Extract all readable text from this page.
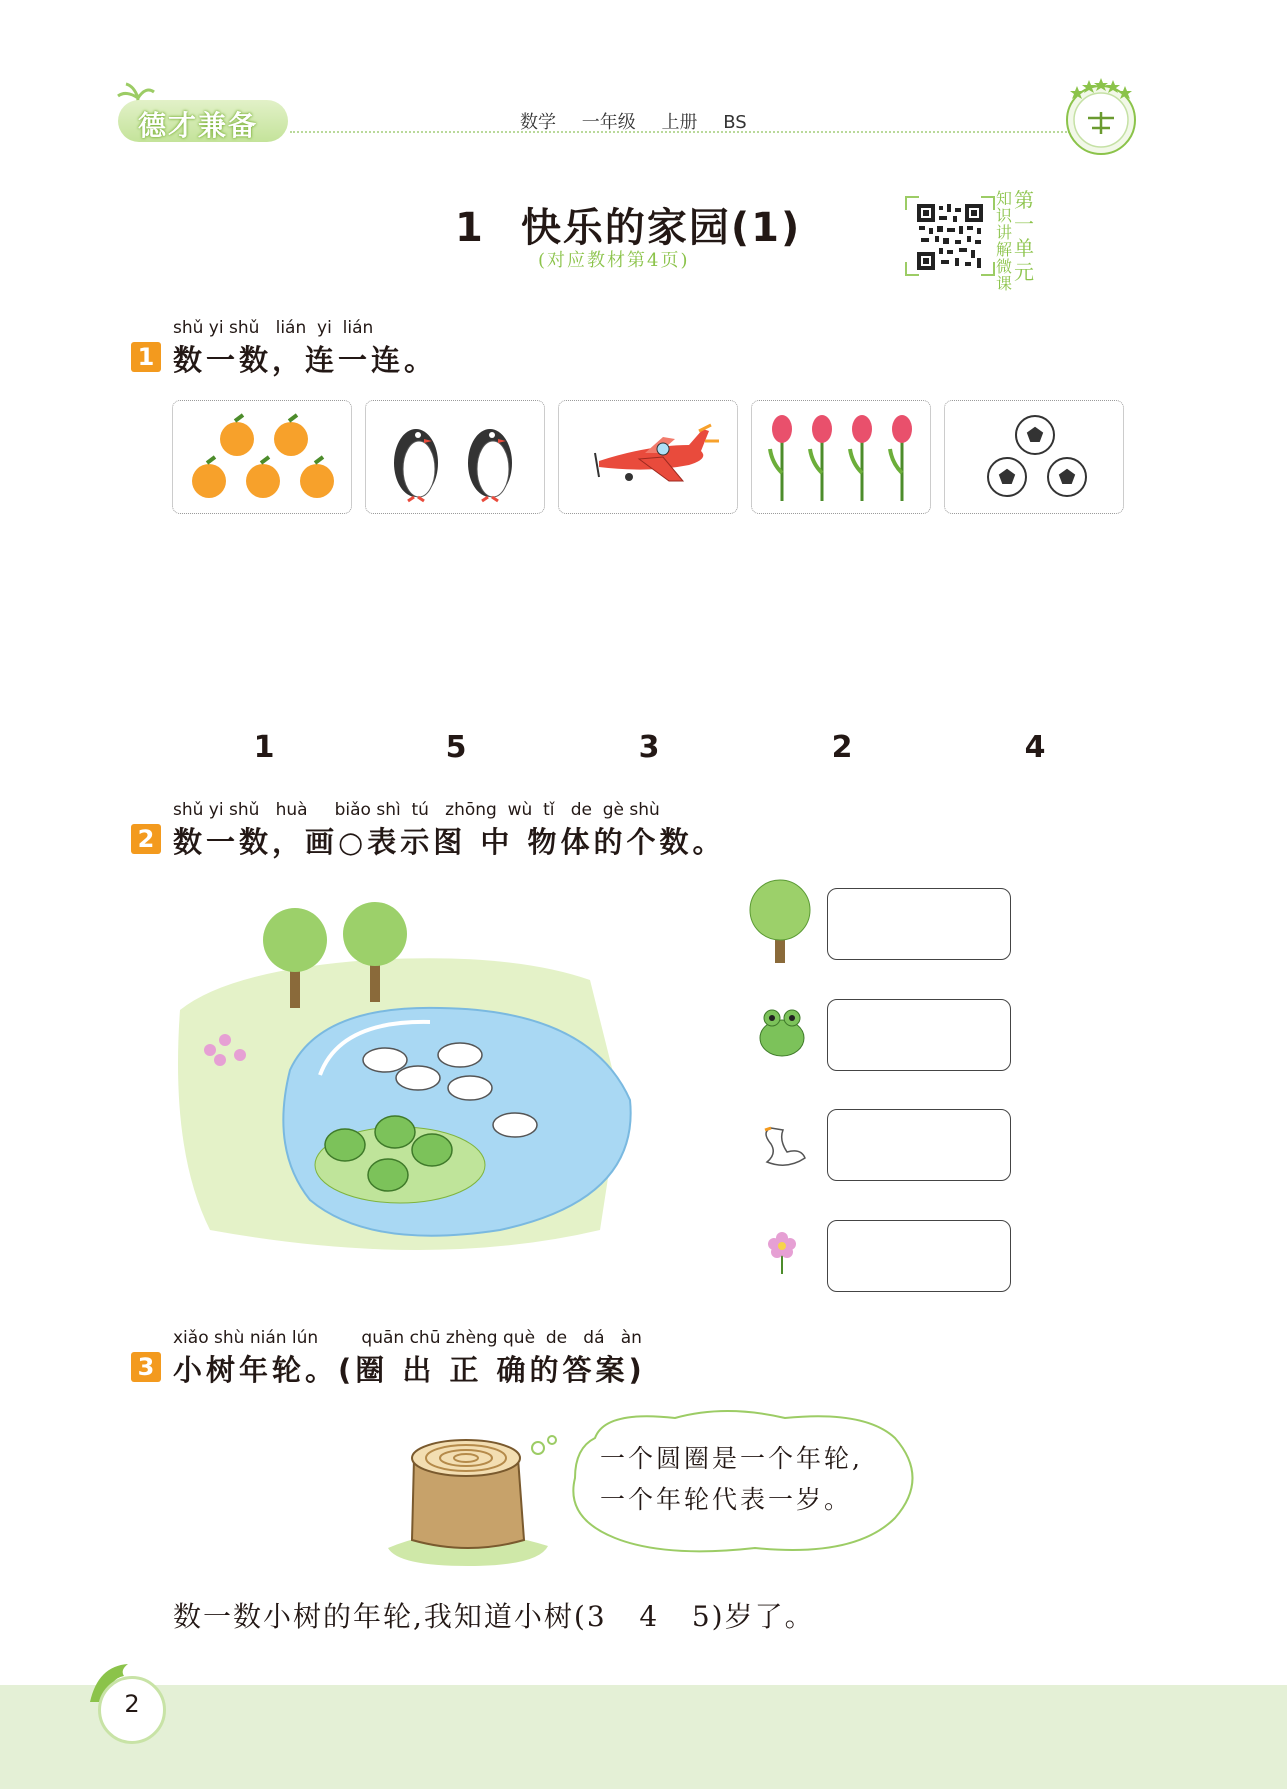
德才兼备	数学 一年级 上册 BS
1 快乐的家园(1)
(对应教材第4页)
知
识
讲
解
微
课
第
一
单
元
shǔ yi shǔ   lián  yi  lián
1 数一数，连一连。
1	5	3	2	4
shǔ yi shǔ   huà     biǎo shì  tú   zhōng  wù  tǐ   de  gè shù
2 数一数，画○表示图 中 物体的个数。
xiǎo shù nián lún        quān chū zhèng què  de   dá   àn
3 小树年轮。(圈 出 正 确的答案)
一个圆圈是一个年轮,
一个年轮代表一岁。
数一数小树的年轮,我知道小树(3   4   5)岁了。
2
